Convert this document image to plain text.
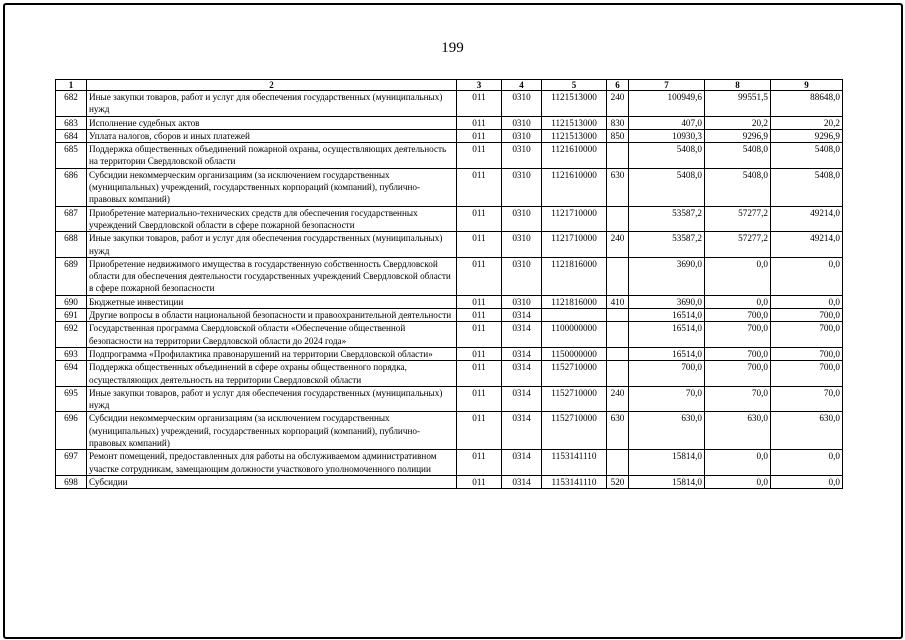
199
1	2	3	4	5	6	7	8	9
682	Иные закупки товаров, работ и услуг для обеспечения государственных (муниципальных) нужд	011	0310	1121513000	240	100949,6	99551,5	88648,0
683	Исполнение судебных актов	011	0310	1121513000	830	407,0	20,2	20,2
684	Уплата налогов, сборов и иных платежей	011	0310	1121513000	850	10930,3	9296,9	9296,9
685	Поддержка общественных объединений пожарной охраны, осуществляющих деятельность на территории Свердловской области	011	0310	1121610000		5408,0	5408,0	5408,0
686	Субсидии некоммерческим организациям (за исключением государственных (муниципальных) учреждений, государственных корпораций (компаний), публично-правовых компаний)	011	0310	1121610000	630	5408,0	5408,0	5408,0
687	Приобретение материально-технических средств для обеспечения государственных учреждений Свердловской области в сфере пожарной безопасности	011	0310	1121710000		53587,2	57277,2	49214,0
688	Иные закупки товаров, работ и услуг для обеспечения государственных (муниципальных) нужд	011	0310	1121710000	240	53587,2	57277,2	49214,0
689	Приобретение недвижимого имущества в государственную собственность Свердловской области для обеспечения деятельности государственных учреждений Свердловской области в сфере пожарной безопасности	011	0310	1121816000		3690,0	0,0	0,0
690	Бюджетные инвестиции	011	0310	1121816000	410	3690,0	0,0	0,0
691	Другие вопросы в области национальной безопасности и правоохранительной деятельности	011	0314			16514,0	700,0	700,0
692	Государственная программа Свердловской области «Обеспечение общественной безопасности на территории Свердловской области до 2024 года»	011	0314	1100000000		16514,0	700,0	700,0
693	Подпрограмма «Профилактика правонарушений на территории Свердловской области»	011	0314	1150000000		16514,0	700,0	700,0
694	Поддержка общественных объединений в сфере охраны общественного порядка, осуществляющих деятельность на территории Свердловской области	011	0314	1152710000		700,0	700,0	700,0
695	Иные закупки товаров, работ и услуг для обеспечения государственных (муниципальных) нужд	011	0314	1152710000	240	70,0	70,0	70,0
696	Субсидии некоммерческим организациям (за исключением государственных (муниципальных) учреждений, государственных корпораций (компаний), публично-правовых компаний)	011	0314	1152710000	630	630,0	630,0	630,0
697	Ремонт помещений, предоставленных для работы на обслуживаемом административном участке сотрудникам, замещающим должности участкового уполномоченного полиции	011	0314	1153141110		15814,0	0,0	0,0
698	Субсидии	011	0314	1153141110	520	15814,0	0,0	0,0
